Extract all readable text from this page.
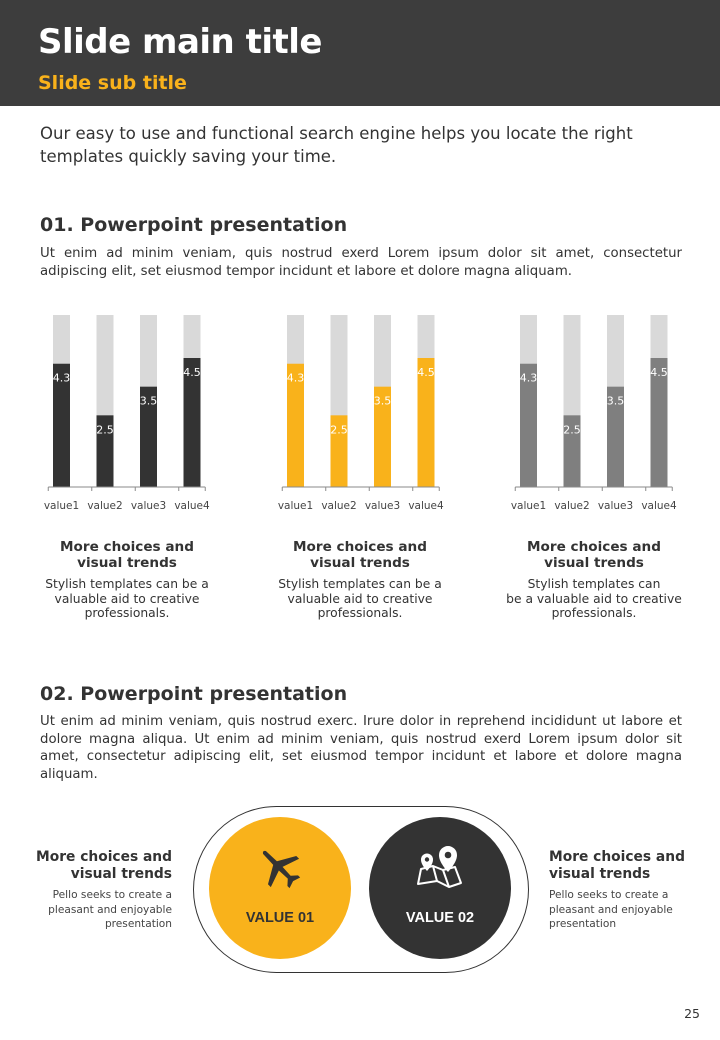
Slide main title
Slide sub title
Our easy to use and functional search engine helps you locate the right templates quickly saving your time.
01. Powerpoint presentation
Ut enim ad minim veniam, quis nostrud exerd Lorem ipsum dolor sit amet, consectetur adipiscing elit, set eiusmod tempor incidunt et labore et dolore magna aliquam.
4.3
value1
2.5
value2
3.5
value3
4.5
value4
4.3
value1
2.5
value2
3.5
value3
4.5
value4
4.3
value1
2.5
value2
3.5
value3
4.5
value4
More choices and
visual trends
Stylish templates can be a
valuable aid to creative
professionals.
More choices and
visual trends
Stylish templates can be a
valuable aid to creative
professionals.
More choices and
visual trends
Stylish templates can
be a valuable aid to creative
professionals.
02. Powerpoint presentation
Ut enim ad minim veniam, quis nostrud exerc. Irure dolor in reprehend incididunt ut labore et dolore magna aliqua. Ut enim ad minim veniam, quis nostrud exerd Lorem ipsum dolor sit amet, consectetur adipiscing elit, set eiusmod tempor incidunt et labore et dolore magna aliquam.
More choices and
visual trends
Pello seeks to create a
pleasant and enjoyable
presentation	VALUE 01	VALUE 02
More choices and
visual trends
Pello seeks to create a
pleasant and enjoyable
presentation
25
